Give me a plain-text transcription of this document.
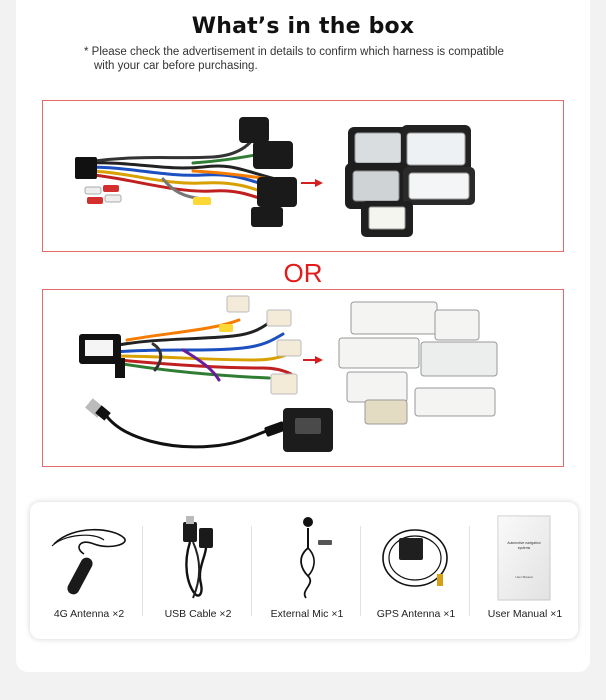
What’s in the box
* Please check the advertisement in details to confirm which harness is compatible
with your car before purchasing.
OR
4G Antenna ×2	USB Cable ×2	External Mic ×1	GPS Antenna ×1
Automotive navigation
systems
User Manual
User Manual ×1
